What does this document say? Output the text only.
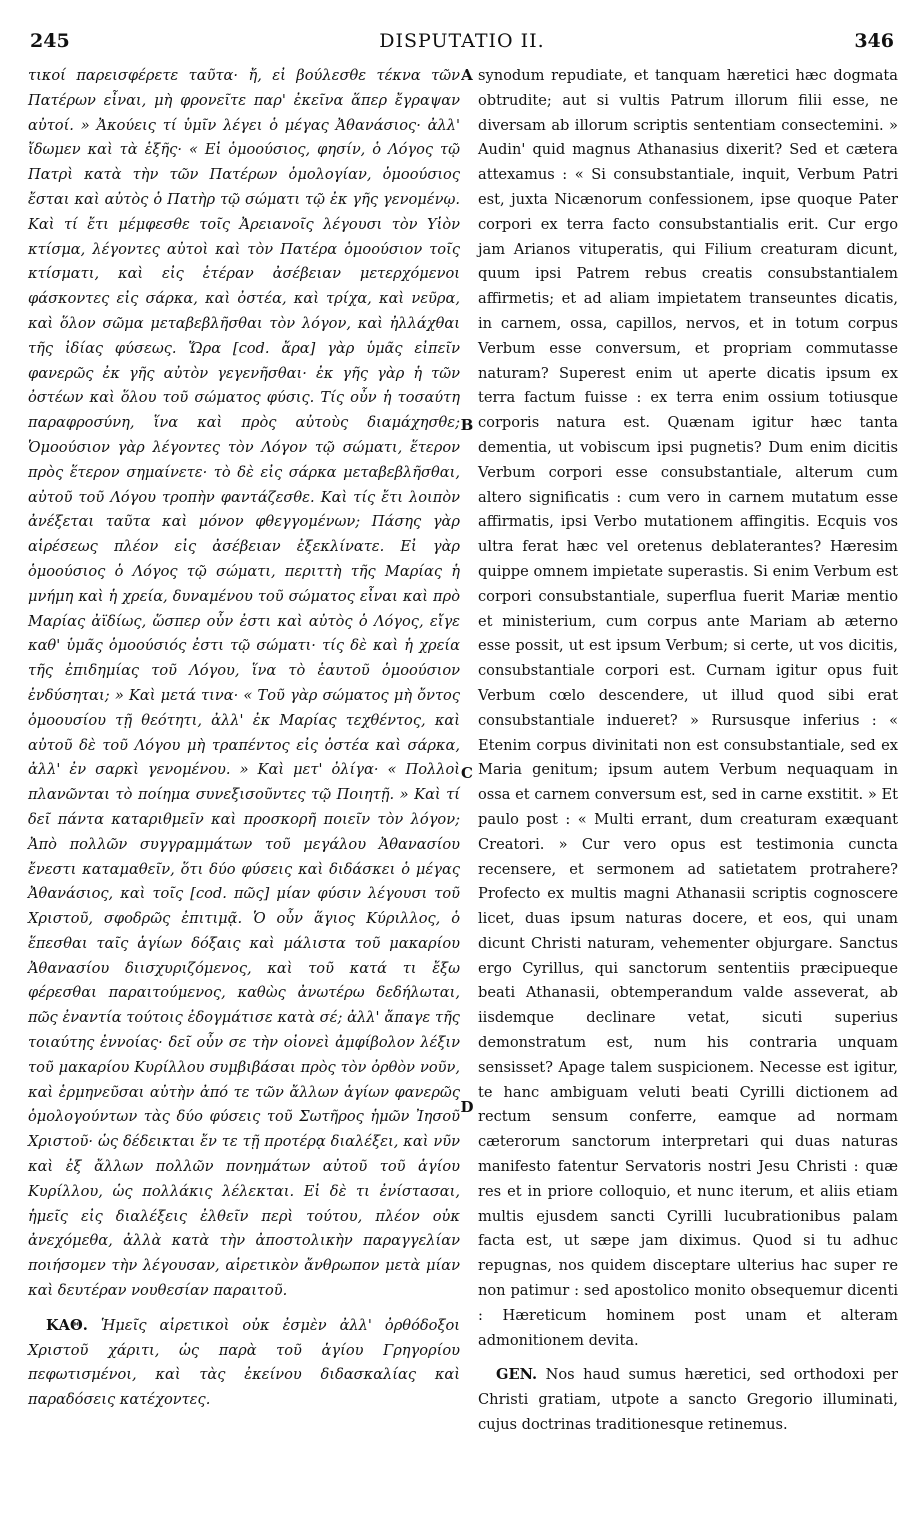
245	DISPUTATIO II.	346

τικοί παρεισφέρετε ταῦτα· ἤ, εἰ βούλεσθε τέκνα τῶν Πατέρων εἶναι, μὴ φρονεῖτε παρ' ἐκεῖνα ἅπερ ἔγραψαν αὐτοί. » Ἀκούεις τί ὑμῖν λέγει ὁ μέγας Ἀθανάσιος· ἀλλ' ἴδωμεν καὶ τὰ ἑξῆς· « Εἰ ὁμοούσιος, φησίν, ὁ Λόγος τῷ Πατρὶ κατὰ τὴν τῶν Πατέρων ὁμολογίαν, ὁμοούσιος ἔσται καὶ αὐτὸς ὁ Πατὴρ τῷ σώματι τῷ ἐκ γῆς γενομένῳ. Καὶ τί ἔτι μέμφεσθε τοῖς Ἀρειανοῖς λέγουσι τὸν Υἱὸν κτίσμα, λέγοντες αὐτοὶ καὶ τὸν Πατέρα ὁμοούσιον τοῖς κτίσματι, καὶ εἰς ἑτέραν ἀσέβειαν μετερχόμενοι φάσκοντες εἰς σάρκα, καὶ ὀστέα, καὶ τρίχα, καὶ νεῦρα, καὶ ὅλον σῶμα μεταβεβλῆσθαι τὸν λόγον, καὶ ἠλλάχθαι τῆς ἰδίας φύσεως. Ὥρα [cod. ἄρα] γὰρ ὑμᾶς εἰπεῖν φανερῶς ἐκ γῆς αὐτὸν γεγενῆσθαι· ἐκ γῆς γὰρ ἡ τῶν ὀστέων καὶ ὅλου τοῦ σώματος φύσις. Τίς οὖν ἡ τοσαύτη παραφροσύνη, ἵνα καὶ πρὸς αὐτοὺς διαμάχησθε; Ὁμοούσιον γὰρ λέγοντες τὸν Λόγον τῷ σώματι, ἕτερον πρὸς ἕτερον σημαίνετε· τὸ δὲ εἰς σάρκα μεταβεβλῆσθαι, αὐτοῦ τοῦ Λόγου τροπὴν φαντάζεσθε. Καὶ τίς ἔτι λοιπὸν ἀνέξεται ταῦτα καὶ μόνον φθεγγομένων; Πάσης γὰρ αἱρέσεως πλέον εἰς ἀσέβειαν ἐξεκλίνατε. Εἰ γὰρ ὁμοούσιος ὁ Λόγος τῷ σώματι, περιττὴ τῆς Μαρίας ἡ μνήμη καὶ ἡ χρεία, δυναμένου τοῦ σώματος εἶναι καὶ πρὸ Μαρίας ἀϊδίως, ὥσπερ οὖν ἐστι καὶ αὐτὸς ὁ Λόγος, εἴγε καθ' ὑμᾶς ὁμοούσιός ἐστι τῷ σώματι· τίς δὲ καὶ ἡ χρεία τῆς ἐπιδημίας τοῦ Λόγου, ἵνα τὸ ἑαυτοῦ ὁμοούσιον ἐνδύσηται; » Καὶ μετά τινα· « Τοῦ γὰρ σώματος μὴ ὄντος ὁμοουσίου τῇ θεότητι, ἀλλ' ἐκ Μαρίας τεχθέντος, καὶ αὐτοῦ δὲ τοῦ Λόγου μὴ τραπέντος εἰς ὀστέα καὶ σάρκα, ἀλλ' ἐν σαρκὶ γενομένου. » Καὶ μετ' ὀλίγα· « Πολλοὶ πλανῶνται τὸ ποίημα συνεξισοῦντες τῷ Ποιητῇ. » Καὶ τί δεῖ πάντα καταριθμεῖν καὶ προσκορῆ ποιεῖν τὸν λόγον; Ἀπὸ πολλῶν συγγραμμάτων τοῦ μεγάλου Ἀθανασίου ἔνεστι καταμαθεῖν, ὅτι δύο φύσεις καὶ διδάσκει ὁ μέγας Ἀθανάσιος, καὶ τοῖς [cod. πῶς] μίαν φύσιν λέγουσι τοῦ Χριστοῦ, σφοδρῶς ἐπιτιμᾷ. Ὁ οὖν ἅγιος Κύριλλος, ὁ ἕπεσθαι ταῖς ἁγίων δόξαις καὶ μάλιστα τοῦ μακαρίου Ἀθανασίου διισχυριζόμενος, καὶ τοῦ κατά τι ἔξω φέρεσθαι παραιτούμενος, καθὼς ἀνωτέρω δεδήλωται, πῶς ἐναντία τούτοις ἐδογμάτισε κατὰ σέ; ἀλλ' ἄπαγε τῆς τοιαύτης ἐννοίας· δεῖ οὖν σε τὴν οἰονεὶ ἀμφίβολον λέξιν τοῦ μακαρίου Κυρίλλου συμβιβάσαι πρὸς τὸν ὀρθὸν νοῦν, καὶ ἑρμηνεῦσαι αὐτὴν ἀπό τε τῶν ἄλλων ἁγίων φανερῶς ὁμολογούντων τὰς δύο φύσεις τοῦ Σωτῆρος ἡμῶν Ἰησοῦ Χριστοῦ· ὡς δέδεικται ἔν τε τῇ προτέρᾳ διαλέξει, καὶ νῦν καὶ ἐξ ἄλλων πολλῶν πονημάτων αὐτοῦ τοῦ ἁγίου Κυρίλλου, ὡς πολλάκις λέλεκται. Εἰ δὲ τι ἐνίστασαι, ἡμεῖς εἰς διαλέξεις ἐλθεῖν περὶ τούτου, πλέον οὐκ ἀνεχόμεθα, ἀλλὰ κατὰ τὴν ἀποστολικὴν παραγγελίαν ποιήσομεν τὴν λέγουσαν, αἱρετικὸν ἄνθρωπον μετὰ μίαν καὶ δευτέραν νουθεσίαν παραιτοῦ.

ΚΑΘ. Ἡμεῖς αἱρετικοὶ οὐκ ἐσμὲν ἀλλ' ὀρθόδοξοι Χριστοῦ χάριτι, ὡς παρὰ τοῦ ἁγίου Γρηγορίου πεφωτισμένοι, καὶ τὰς ἐκείνου διδασκαλίας καὶ παραδόσεις κατέχοντες.

A
B
C
D

synodum repudiate, et tanquam hæretici hæc dogmata obtrudite; aut si vultis Patrum illorum filii esse, ne diversam ab illorum scriptis sententiam consectemini. » Audin' quid magnus Athanasius dixerit? Sed et cætera attexamus : « Si consubstantiale, inquit, Verbum Patri est, juxta Nicænorum confessionem, ipse quoque Pater corpori ex terra facto consubstantialis erit. Cur ergo jam Arianos vituperatis, qui Filium creaturam dicunt, quum ipsi Patrem rebus creatis consubstantialem affirmetis; et ad aliam impietatem transeuntes dicatis, in carnem, ossa, capillos, nervos, et in totum corpus Verbum esse conversum, et propriam commutasse naturam? Superest enim ut aperte dicatis ipsum ex terra factum fuisse : ex terra enim ossium totiusque corporis natura est. Quænam igitur hæc tanta dementia, ut vobiscum ipsi pugnetis? Dum enim dicitis Verbum corpori esse consubstantiale, alterum cum altero significatis : cum vero in carnem mutatum esse affirmatis, ipsi Verbo mutationem affingitis. Ecquis vos ultra ferat hæc vel oretenus deblaterantes? Hæresim quippe omnem impietate superastis. Si enim Verbum est corpori consubstantiale, superflua fuerit Mariæ mentio et ministerium, cum corpus ante Mariam ab æterno esse possit, ut est ipsum Verbum; si certe, ut vos dicitis, consubstantiale corpori est. Curnam igitur opus fuit Verbum cœlo descendere, ut illud quod sibi erat consubstantiale indueret? » Rursusque inferius : « Etenim corpus divinitati non est consubstantiale, sed ex Maria genitum; ipsum autem Verbum nequaquam in ossa et carnem conversum est, sed in carne exstitit. » Et paulo post : « Multi errant, dum creaturam exæquant Creatori. » Cur vero opus est testimonia cuncta recensere, et sermonem ad satietatem protrahere? Profecto ex multis magni Athanasii scriptis cognoscere licet, duas ipsum naturas docere, et eos, qui unam dicunt Christi naturam, vehementer objurgare. Sanctus ergo Cyrillus, qui sanctorum sententiis præcipueque beati Athanasii, obtemperandum valde asseverat, ab iisdemque declinare vetat, sicuti superius demonstratum est, num his contraria unquam sensisset? Apage talem suspicionem. Necesse est igitur, te hanc ambiguam veluti beati Cyrilli dictionem ad rectum sensum conferre, eamque ad normam cæterorum sanctorum interpretari qui duas naturas manifesto fatentur Servatoris nostri Jesu Christi : quæ res et in priore colloquio, et nunc iterum, et aliis etiam multis ejusdem sancti Cyrilli lucubrationibus palam facta est, ut sæpe jam diximus. Quod si tu adhuc repugnas, nos quidem disceptare ulterius hac super re non patimur : sed apostolico monito obsequemur dicenti : Hæreticum hominem post unam et alteram admonitionem devita.

GEN. Nos haud sumus hæretici, sed orthodoxi per Christi gratiam, utpote a sancto Gregorio illuminati, cujus doctrinas traditionesque retinemus.
